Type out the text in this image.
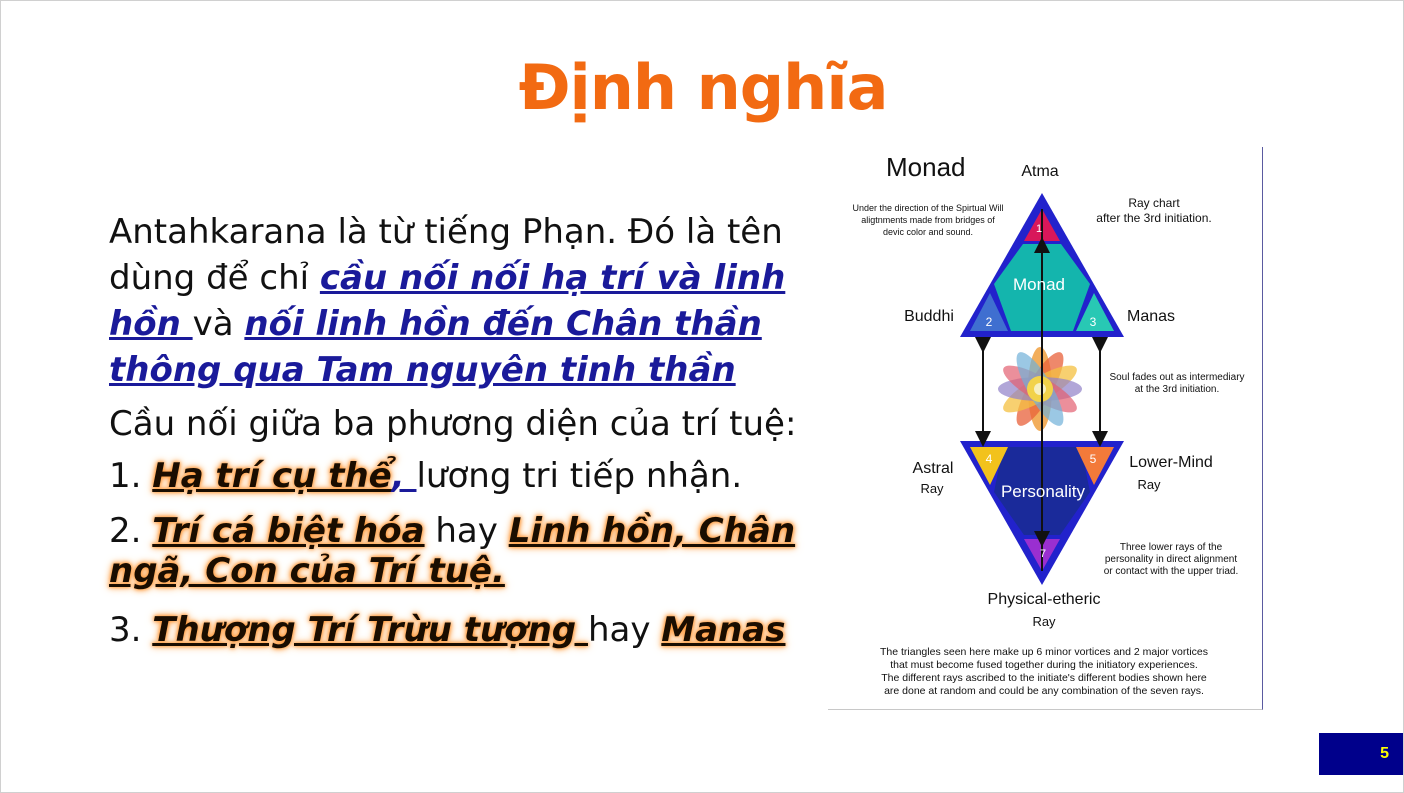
Định nghĩa

Antahkarana là từ tiếng Phạn. Đó là tên dùng để chỉ cầu nối nối hạ trí và linh hồn và nối linh hồn đến Chân thần thông qua Tam nguyên tinh thần

Cầu nối giữa ba phương diện của trí tuệ:

1. Hạ trí cụ thể, lương tri tiếp nhận.

2. Trí cá biệt hóa hay Linh hồn, Chân ngã, Con của Trí tuệ.

3. Thượng Trí Trừu tượng hay Manas

Monad	Atma
Under the direction of the Spirtual Will
aligtnments made from bridges of
devic color and sound.
Ray chart
after the 3rd initiation.
Monad
1
2	3
Buddhi	Manas
Soul fades out as intermediary
at the 3rd initiation.
4	5
Personality
7
Astral
Ray
Lower-Mind
Ray
Three lower rays of the
personality in direct alignment
or contact with the upper triad.
Physical-etheric
Ray
The triangles seen here make up 6 minor vortices and 2 major vortices
that must become fused together during the initiatory experiences.
The different rays ascribed to the initiate's different bodies shown here
are done at random and could be any combination of the seven rays.
5
